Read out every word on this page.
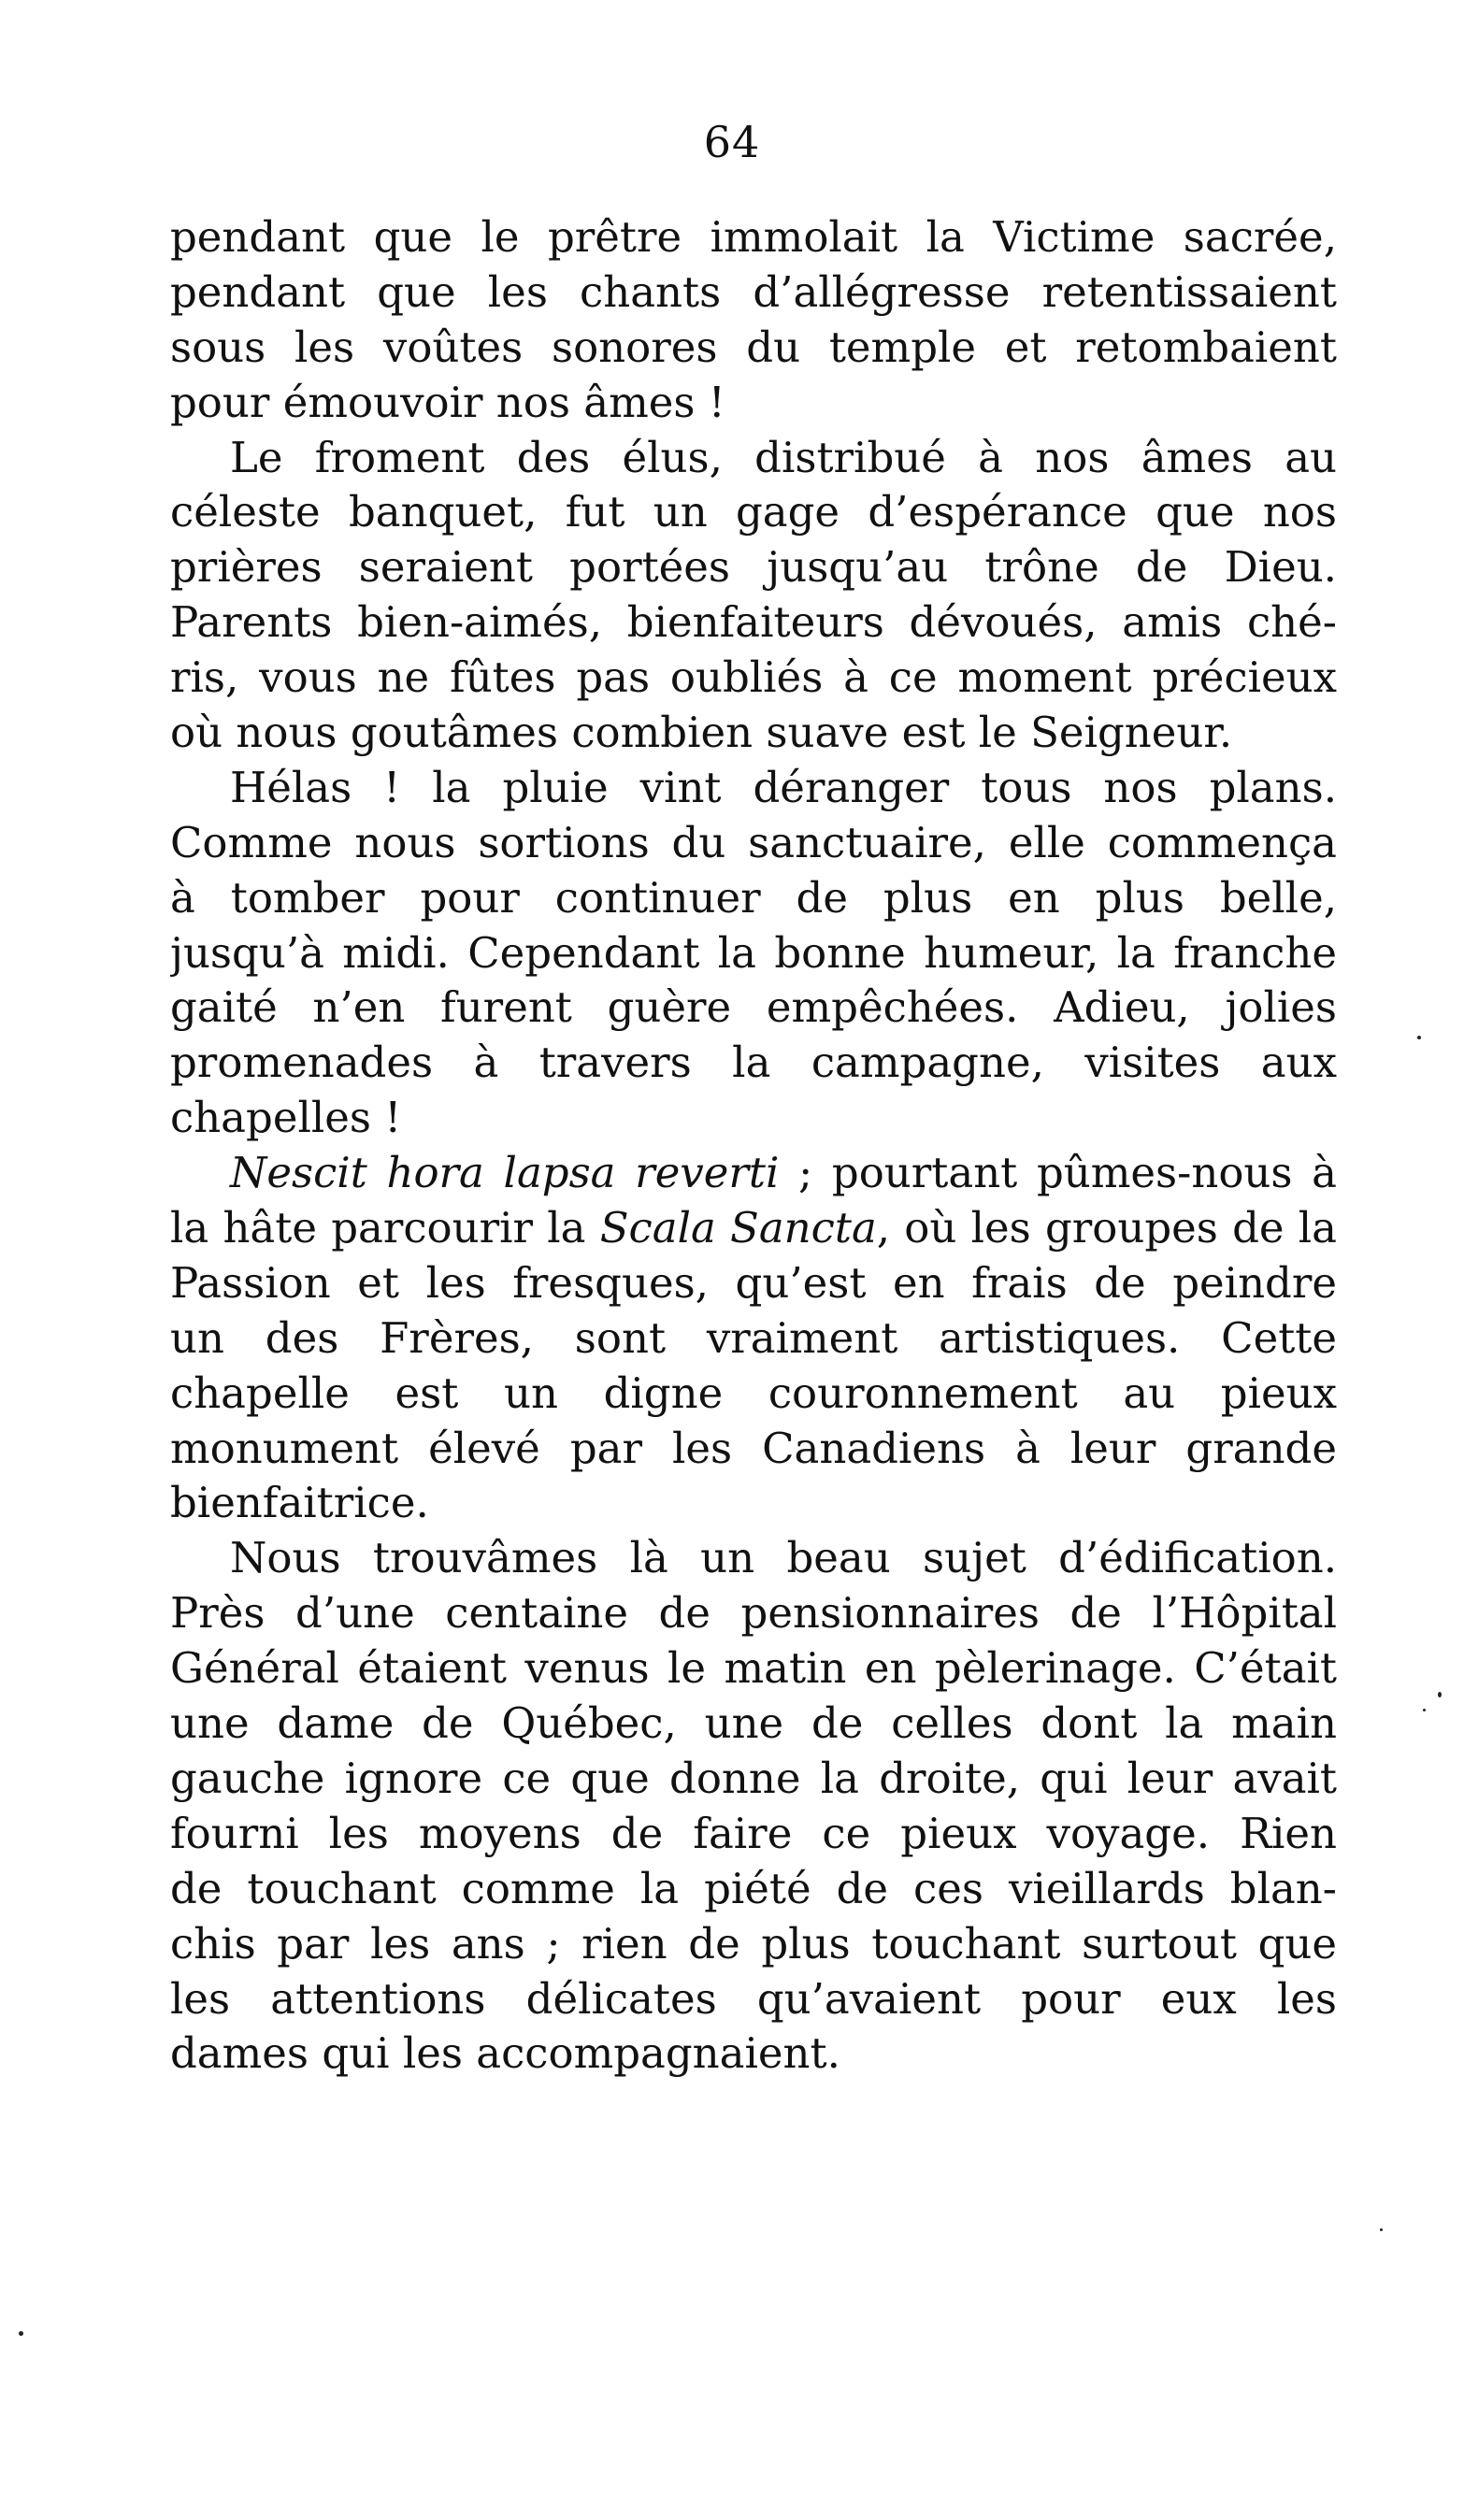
64
pendant que le prêtre immolait la Victime sacrée,
pendant que les chants d’allégresse retentissaient
sous les voûtes sonores du temple et retombaient
pour émouvoir nos âmes !
Le froment des élus, distribué à nos âmes au
céleste banquet, fut un gage d’espérance que nos
prières seraient portées jusqu’au trône de Dieu.
Parents bien-aimés, bienfaiteurs dévoués, amis ché-
ris, vous ne fûtes pas oubliés à ce moment précieux
où nous goutâmes combien suave est le Seigneur.
Hélas ! la pluie vint déranger tous nos plans.
Comme nous sortions du sanctuaire, elle commença
à tomber pour continuer de plus en plus belle,
jusqu’à midi. Cependant la bonne humeur, la franche
gaité n’en furent guère empêchées. Adieu, jolies
promenades à travers la campagne, visites aux
chapelles !
Nescit hora lapsa reverti ; pourtant pûmes-nous à
la hâte parcourir la Scala Sancta, où les groupes de la
Passion et les fresques, qu’est en frais de peindre
un des Frères, sont vraiment artistiques. Cette
chapelle est un digne couronnement au pieux
monument élevé par les Canadiens à leur grande
bienfaitrice.
Nous trouvâmes là un beau sujet d’édification.
Près d’une centaine de pensionnaires de l’Hôpital
Général étaient venus le matin en pèlerinage. C’était
une dame de Québec, une de celles dont la main
gauche ignore ce que donne la droite, qui leur avait
fourni les moyens de faire ce pieux voyage. Rien
de touchant comme la piété de ces vieillards blan-
chis par les ans ; rien de plus touchant surtout que
les attentions délicates qu’avaient pour eux les
dames qui les accompagnaient.
